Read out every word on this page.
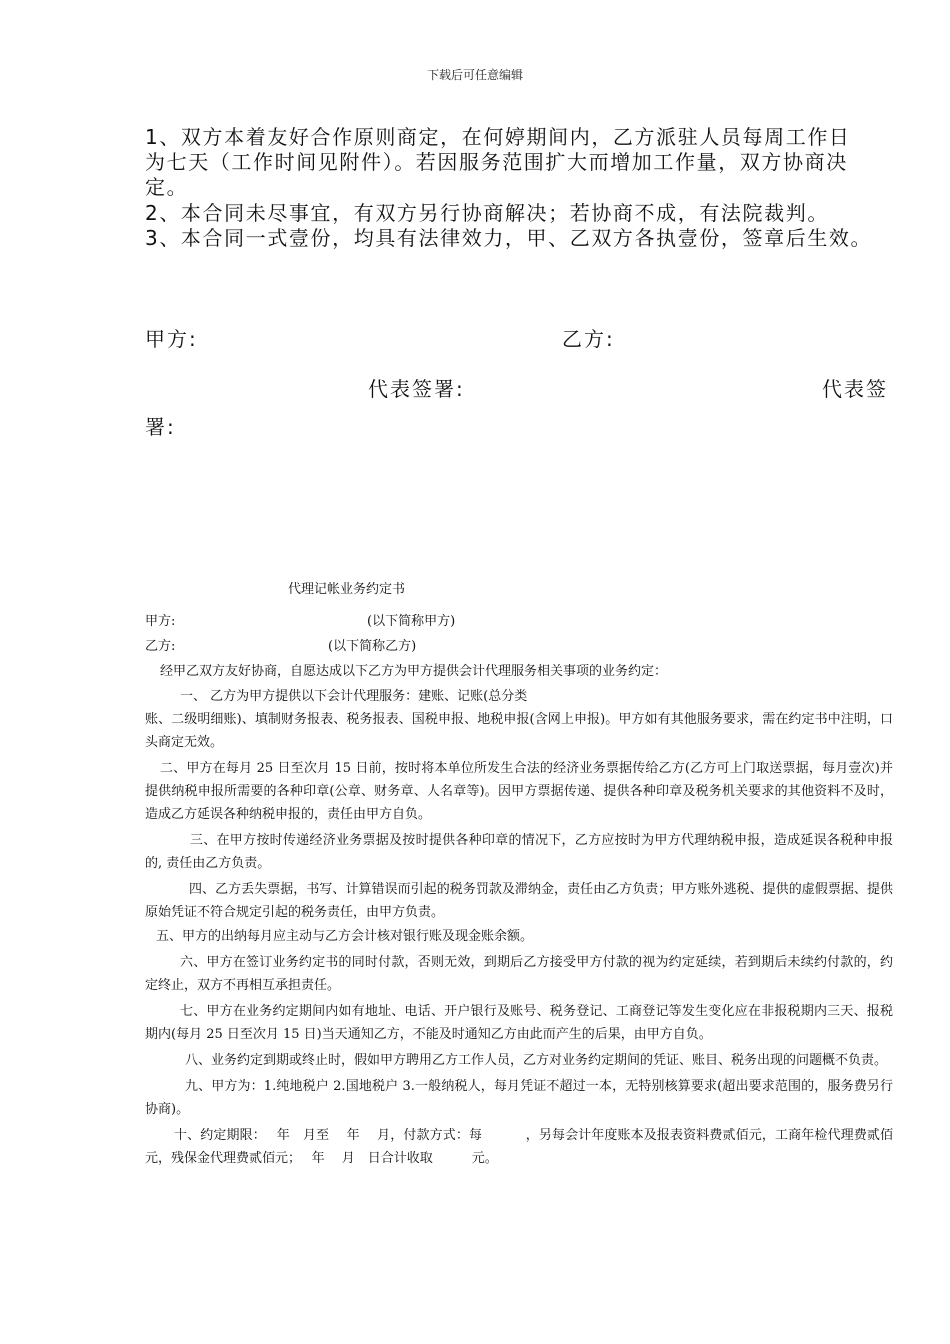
下载后可任意编辑
1、双方本着友好合作原则商定，在何婷期间内，乙方派驻人员每周工作日
为七天（工作时间见附件）。若因服务范围扩大而增加工作量，双方协商决
定。
2、本合同未尽事宜，有双方另行协商解决；若协商不成，有法院裁判。
3、本合同一式壹份，均具有法律效力，甲、乙双方各执壹份，签章后生效。
甲方:	乙方:
代表签署:	代表签
署:
代理记帐业务约定书
甲方:	(以下简称甲方)
乙方:	(以下简称乙方)
经甲乙双方友好协商，自愿达成以下乙方为甲方提供会计代理服务相关事项的业务约定：
一、 乙方为甲方提供以下会计代理服务：建账、记账(总分类

账、二级明细账)、填制财务报表、税务报表、国税申报、地税申报(含网上申报)。甲方如有其他服务要求，需在约定书中注明，口头商定无效。

二、甲方在每月 25 日至次月 15 日前，按时将本单位所发生合法的经济业务票据传给乙方(乙方可上门取送票据，每月壹次)并提供纳税申报所需要的各种印章(公章、财务章、人名章等)。因甲方票据传递、提供各种印章及税务机关要求的其他资料不及时，造成乙方延误各种纳税申报的，责任由甲方自负。

三、在甲方按时传递经济业务票据及按时提供各种印章的情况下，乙方应按时为甲方代理纳税申报，造成延误各税种申报的, 责任由乙方负责。

四、乙方丢失票据，书写、计算错误而引起的税务罚款及滞纳金，责任由乙方负责；甲方账外逃税、提供的虚假票据、提供原始凭证不符合规定引起的税务责任，由甲方负责。

五、甲方的出纳每月应主动与乙方会计核对银行账及现金账余额。

六、甲方在签订业务约定书的同时付款，否则无效，到期后乙方接受甲方付款的视为约定延续，若到期后未续约付款的，约定终止，双方不再相互承担责任。

七、甲方在业务约定期间内如有地址、电话、开户银行及账号、税务登记、工商登记等发生变化应在非报税期内三天、报税期内(每月 25 日至次月 15 日)当天通知乙方，不能及时通知乙方由此而产生的后果，由甲方自负。

八、业务约定到期或终止时，假如甲方聘用乙方工作人员，乙方对业务约定期间的凭证、账目、税务出现的问题概不负责。

九、甲方为：1.纯地税户 2.国地税户 3.一般纳税人，每月凭证不超过一本，无特别核算要求(超出要求范围的，服务费另行协商)。

十、约定期限：　 年　月至　 年　 月，付款方式：每　　　 ，另每会计年度账本及报表资料费贰佰元，工商年检代理费贰佰元，残保金代理费贰佰元；　 年　 月　日合计收取　　　元。
